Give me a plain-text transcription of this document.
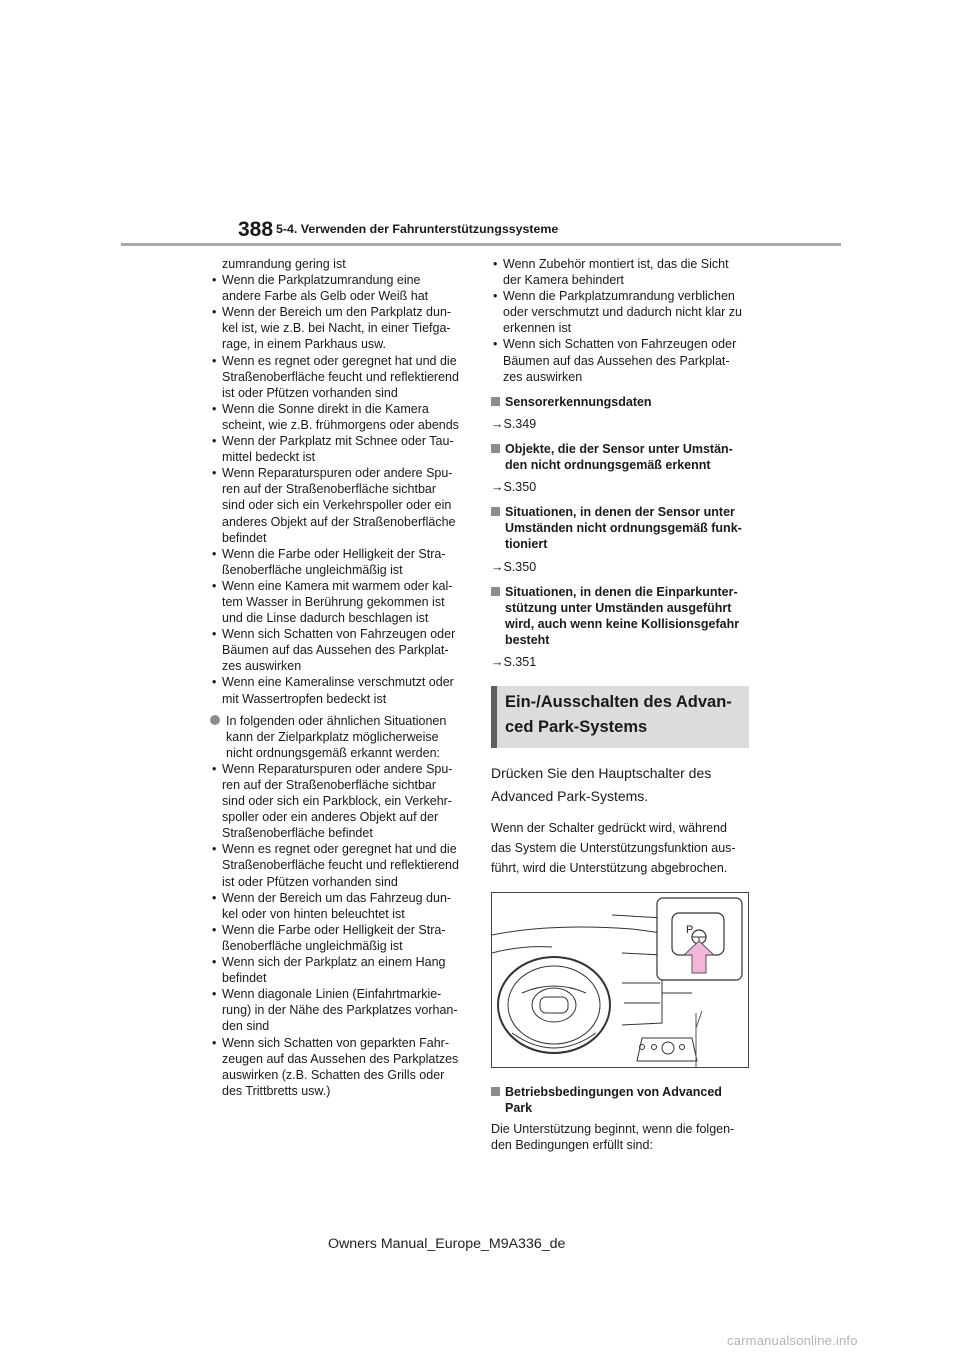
388 5-4. Verwenden der Fahrunterstützungssysteme
zumrandung gering ist
• Wenn die Parkplatzumrandung eine
andere Farbe als Gelb oder Weiß hat
• Wenn der Bereich um den Parkplatz dun-
kel ist, wie z.B. bei Nacht, in einer Tiefga-
rage, in einem Parkhaus usw.
• Wenn es regnet oder geregnet hat und die
Straßenoberfläche feucht und reflektierend
ist oder Pfützen vorhanden sind
• Wenn die Sonne direkt in die Kamera
scheint, wie z.B. frühmorgens oder abends
• Wenn der Parkplatz mit Schnee oder Tau-
mittel bedeckt ist
• Wenn Reparaturspuren oder andere Spu-
ren auf der Straßenoberfläche sichtbar
sind oder sich ein Verkehrspoller oder ein
anderes Objekt auf der Straßenoberfläche
befindet
• Wenn die Farbe oder Helligkeit der Stra-
ßenoberfläche ungleichmäßig ist
• Wenn eine Kamera mit warmem oder kal-
tem Wasser in Berührung gekommen ist
und die Linse dadurch beschlagen ist
• Wenn sich Schatten von Fahrzeugen oder
Bäumen auf das Aussehen des Parkplat-
zes auswirken
• Wenn eine Kameralinse verschmutzt oder
mit Wassertropfen bedeckt ist
In folgenden oder ähnlichen Situationen
kann der Zielparkplatz möglicherweise
nicht ordnungsgemäß erkannt werden:
• Wenn Reparaturspuren oder andere Spu-
ren auf der Straßenoberfläche sichtbar
sind oder sich ein Parkblock, ein Verkehr-
spoller oder ein anderes Objekt auf der
Straßenoberfläche befindet
• Wenn es regnet oder geregnet hat und die
Straßenoberfläche feucht und reflektierend
ist oder Pfützen vorhanden sind
• Wenn der Bereich um das Fahrzeug dun-
kel oder von hinten beleuchtet ist
• Wenn die Farbe oder Helligkeit der Stra-
ßenoberfläche ungleichmäßig ist
• Wenn sich der Parkplatz an einem Hang
befindet
• Wenn diagonale Linien (Einfahrtmarkie-
rung) in der Nähe des Parkplatzes vorhan-
den sind
• Wenn sich Schatten von geparkten Fahr-
zeugen auf das Aussehen des Parkplatzes
auswirken (z.B. Schatten des Grills oder
des Trittbretts usw.)
• Wenn Zubehör montiert ist, das die Sicht
der Kamera behindert
• Wenn die Parkplatzumrandung verblichen
oder verschmutzt und dadurch nicht klar zu
erkennen ist
• Wenn sich Schatten von Fahrzeugen oder
Bäumen auf das Aussehen des Parkplat-
zes auswirken
Sensorerkennungsdaten
→S.349
Objekte, die der Sensor unter Umstän-
den nicht ordnungsgemäß erkennt
→S.350
Situationen, in denen der Sensor unter
Umständen nicht ordnungsgemäß funk-
tioniert
→S.350
Situationen, in denen die Einparkunter-
stützung unter Umständen ausgeführt
wird, auch wenn keine Kollisionsgefahr
besteht
→S.351
Ein-/Ausschalten des Advan-
ced Park-Systems
Drücken Sie den Hauptschalter des
Advanced Park-Systems.
Wenn der Schalter gedrückt wird, während
das System die Unterstützungsfunktion aus-
führt, wird die Unterstützung abgebrochen.
P
Betriebsbedingungen von Advanced
Park
Die Unterstützung beginnt, wenn die folgen-
den Bedingungen erfüllt sind:
Owners Manual_Europe_M9A336_de
carmanualsonline.info
